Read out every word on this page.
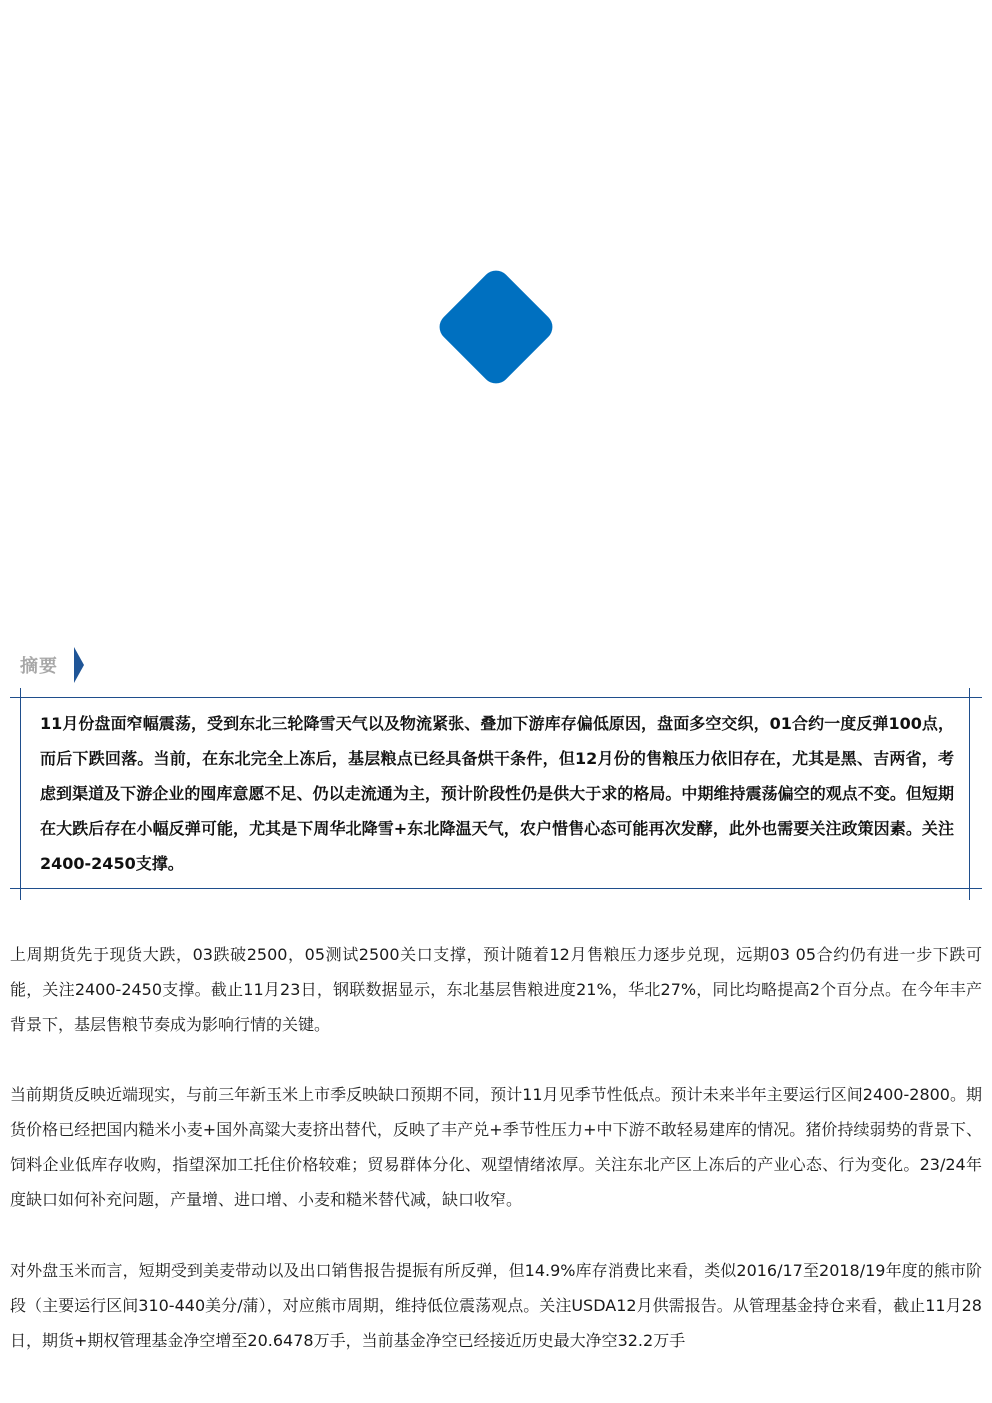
摘要
11月份盘面窄幅震荡，受到东北三轮降雪天气以及物流紧张、叠加下游库存偏低原因，盘面多空交织，01合约一度反弹100点，而后下跌回落。当前，在东北完全上冻后，基层粮点已经具备烘干条件，但12月份的售粮压力依旧存在，尤其是黑、吉两省，考虑到渠道及下游企业的囤库意愿不足、仍以走流通为主，预计阶段性仍是供大于求的格局。中期维持震荡偏空的观点不变。但短期在大跌后存在小幅反弹可能，尤其是下周华北降雪+东北降温天气，农户惜售心态可能再次发酵，此外也需要关注政策因素。关注2400-2450支撑。
上周期货先于现货大跌，03跌破2500，05测试2500关口支撑，预计随着12月售粮压力逐步兑现，远期03 05合约仍有进一步下跌可能，关注2400-2450支撑。截止11月23日，钢联数据显示，东北基层售粮进度21%，华北27%，同比均略提高2个百分点。在今年丰产背景下，基层售粮节奏成为影响行情的关键。
当前期货反映近端现实，与前三年新玉米上市季反映缺口预期不同，预计11月见季节性低点。预计未来半年主要运行区间2400-2800。期货价格已经把国内糙米小麦+国外高粱大麦挤出替代，反映了丰产兑+季节性压力+中下游不敢轻易建库的情况。猪价持续弱势的背景下、饲料企业低库存收购，指望深加工托住价格较难；贸易群体分化、观望情绪浓厚。关注东北产区上冻后的产业心态、行为变化。23/24年度缺口如何补充问题，产量增、进口增、小麦和糙米替代减，缺口收窄。
对外盘玉米而言，短期受到美麦带动以及出口销售报告提振有所反弹，但14.9%库存消费比来看，类似2016/17至2018/19年度的熊市阶段（主要运行区间310-440美分/蒲），对应熊市周期，维持低位震荡观点。关注USDA12月供需报告。从管理基金持仓来看，截止11月28日，期货+期权管理基金净空增至20.6478万手，当前基金净空已经接近历史最大净空32.2万手
